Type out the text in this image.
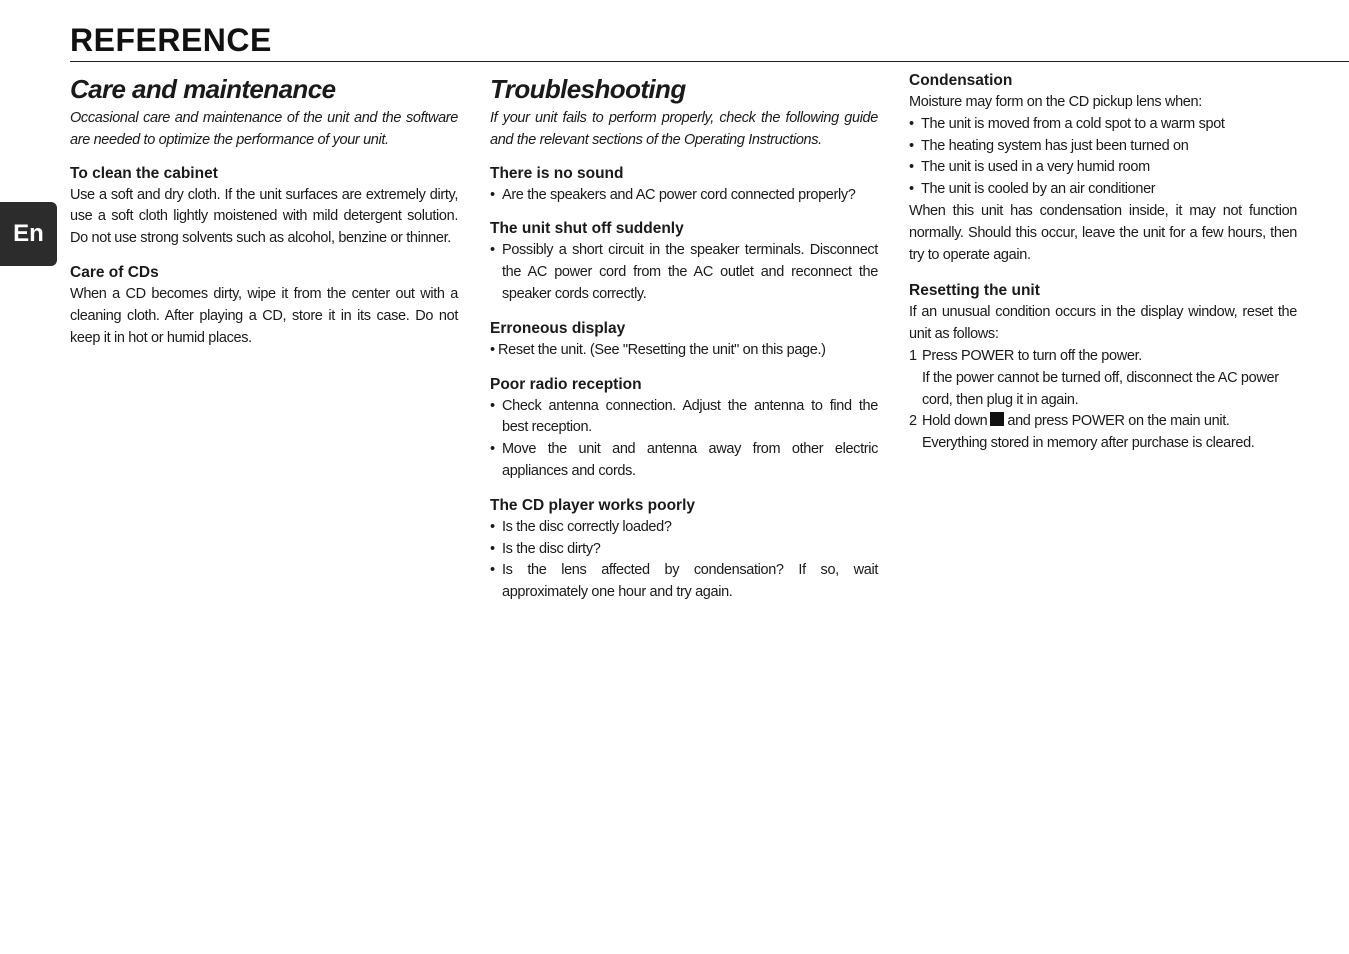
REFERENCE
En
Care and maintenance

Occasional care and maintenance of the unit and the software are needed to optimize the performance of your unit.

To clean the cabinet

Use a soft and dry cloth. If the unit surfaces are extremely dirty, use a soft cloth lightly moistened with mild detergent solution. Do not use strong solvents such as alcohol, benzine or thinner.

Care of CDs

When a CD becomes dirty, wipe it from the center out with a cleaning cloth. After playing a CD, store it in its case. Do not keep it in hot or humid places.

Troubleshooting

If your unit fails to perform properly, check the following guide and the relevant sections of the Operating Instructions.

There is no sound

• Are the speakers and AC power cord connected properly?

The unit shut off suddenly

• Possibly a short circuit in the speaker terminals. Disconnect the AC power cord from the AC outlet and reconnect the speaker cords correctly.

Erroneous display

• Reset the unit. (See "Resetting the unit" on this page.)

Poor radio reception

• Check antenna connection. Adjust the antenna to find the best reception.
• Move the unit and antenna away from other electric appliances and cords.

The CD player works poorly

• Is the disc correctly loaded?
• Is the disc dirty?
• Is the lens affected by condensation? If so, wait approximately one hour and try again.

Condensation

Moisture may form on the CD pickup lens when:

• The unit is moved from a cold spot to a warm spot
• The heating system has just been turned on
• The unit is used in a very humid room
• The unit is cooled by an air conditioner

When this unit has condensation inside, it may not function normally. Should this occur, leave the unit for a few hours, then try to operate again.

Resetting the unit

If an unusual condition occurs in the display window, reset the unit as follows:

1 Press POWER to turn off the power.
If the power cannot be turned off, disconnect the AC power cord, then plug it in again.
2 Hold down and press POWER on the main unit.
Everything stored in memory after purchase is cleared.
